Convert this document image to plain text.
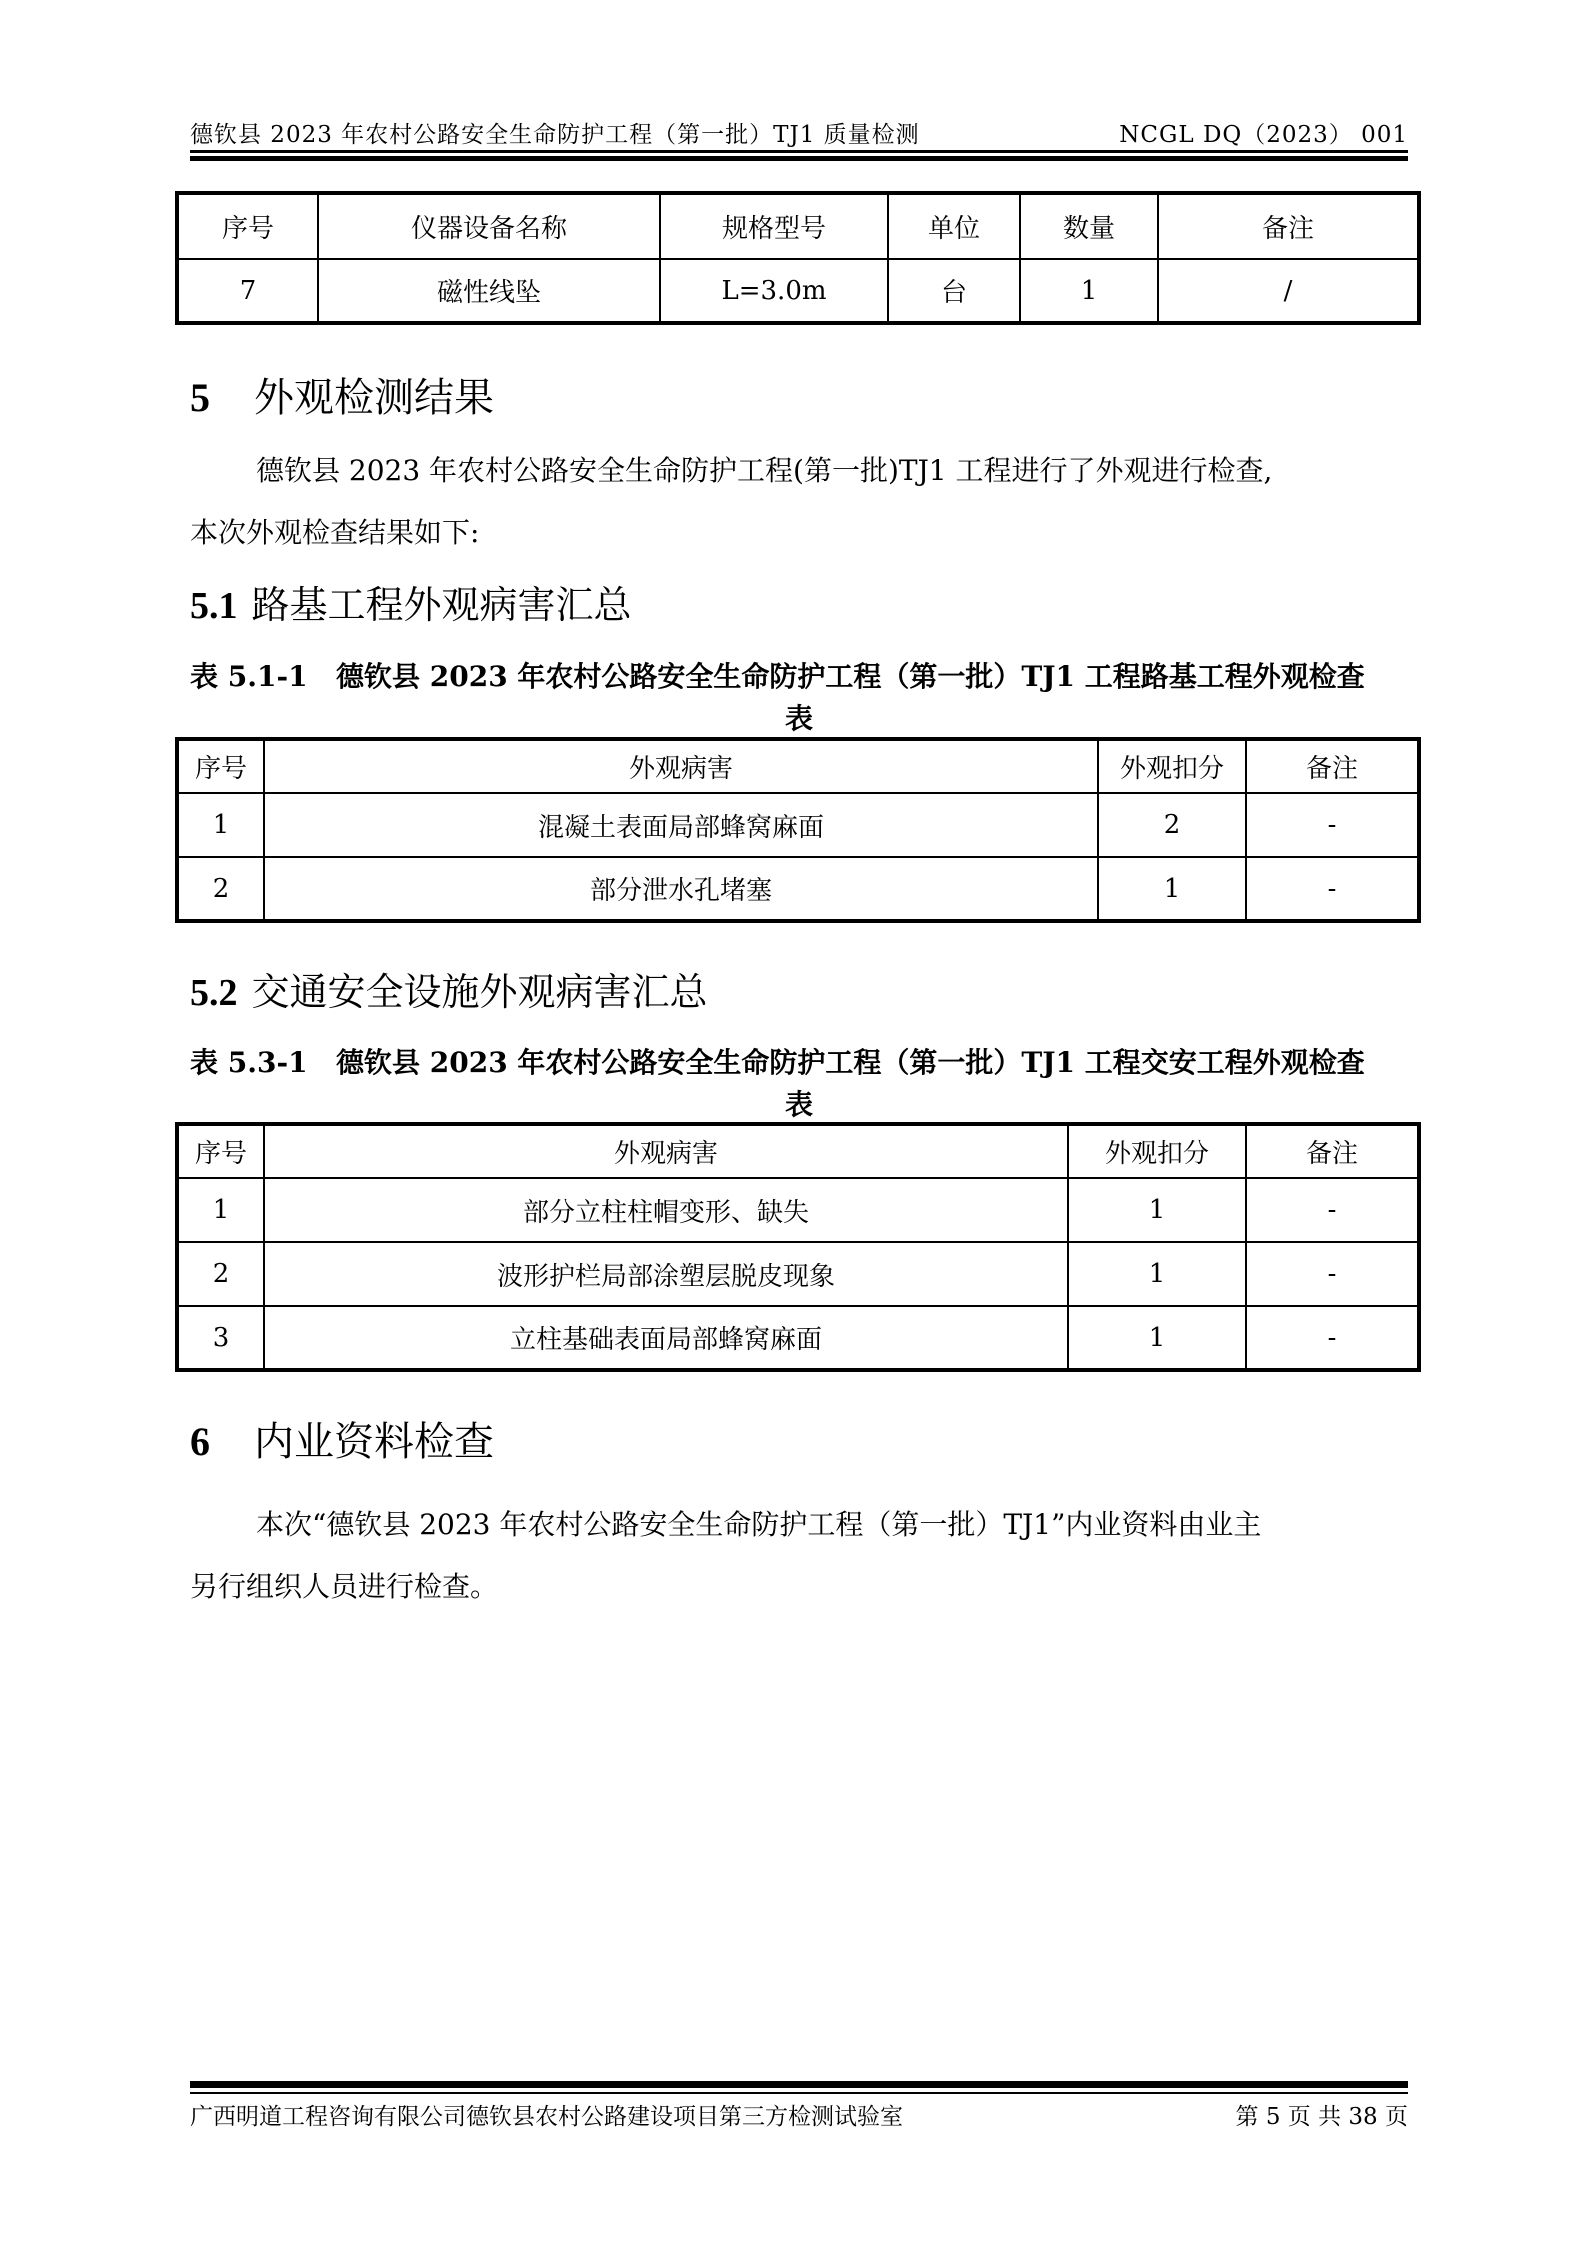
德钦县 2023 年农村公路安全生命防护工程（第一批）TJ1 质量检测	NCGL DQ（2023） 001
序号	仪器设备名称	规格型号	单位	数量	备注
7	磁性线坠	L=3.0m	台	1	/
5 外观检测结果
德钦县 2023 年农村公路安全生命防护工程(第一批)TJ1 工程进行了外观进行检查,
本次外观检查结果如下:
5.1 路基工程外观病害汇总
表 5.1-1	德钦县 2023 年农村公路安全生命防护工程（第一批）TJ1 工程路基工程外观检查
表
序号	外观病害	外观扣分	备注
1	混凝土表面局部蜂窝麻面	2	-
2	部分泄水孔堵塞	1	-
5.2 交通安全设施外观病害汇总
表 5.3-1	德钦县 2023 年农村公路安全生命防护工程（第一批）TJ1 工程交安工程外观检查
表
序号	外观病害	外观扣分	备注
1	部分立柱柱帽变形、缺失	1	-
2	波形护栏局部涂塑层脱皮现象	1	-
3	立柱基础表面局部蜂窝麻面	1	-
6 内业资料检查
本次“德钦县 2023 年农村公路安全生命防护工程（第一批）TJ1”内业资料由业主
另行组织人员进行检查。
广西明道工程咨询有限公司德钦县农村公路建设项目第三方检测试验室	第 5 页 共 38 页
